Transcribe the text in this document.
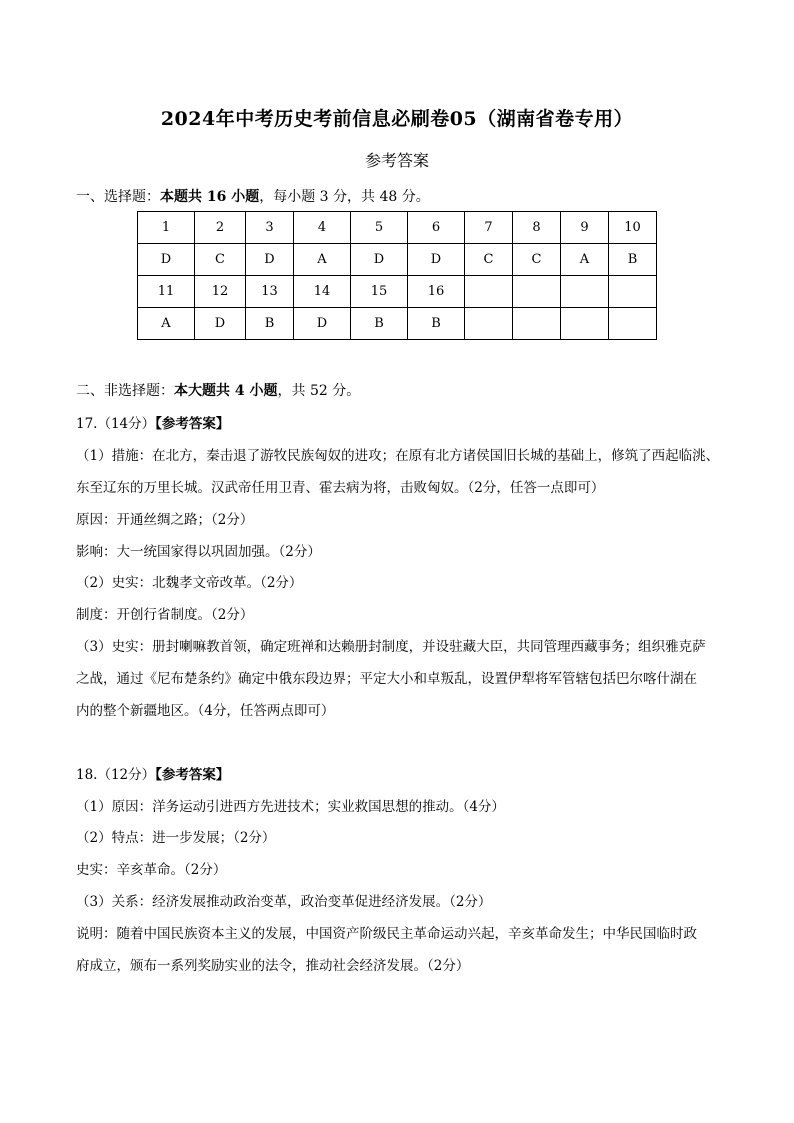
2024年中考历史考前信息必刷卷05（湖南省卷专用）
参考答案
一、选择题：本题共 16 小题，每小题 3 分，共 48 分。
1	2	3	4	5	6	7	8	9	10
D	C	D	A	D	D	C	C	A	B
11	12	13	14	15	16				
A	D	B	D	B	B				
二、非选择题：本大题共 4 小题，共 52 分。
17.（14分）【参考答案】
（1）措施：在北方，秦击退了游牧民族匈奴的进攻；在原有北方诸侯国旧长城的基础上，修筑了西起临洮、
东至辽东的万里长城。汉武帝任用卫青、霍去病为将，击败匈奴。（2分，任答一点即可）
原因：开通丝绸之路；（2分）
影响：大一统国家得以巩固加强。（2分）
（2）史实：北魏孝文帝改革。（2分）
制度：开创行省制度。（2分）
（3）史实：册封喇嘛教首领，确定班禅和达赖册封制度，并设驻藏大臣，共同管理西藏事务；组织雅克萨
之战，通过《尼布楚条约》确定中俄东段边界；平定大小和卓叛乱，设置伊犁将军管辖包括巴尔喀什湖在
内的整个新疆地区。（4分，任答两点即可）
18.（12分）【参考答案】
（1）原因：洋务运动引进西方先进技术；实业救国思想的推动。（4分）
（2）特点：进一步发展；（2分）
史实：辛亥革命。（2分）
（3）关系：经济发展推动政治变革，政治变革促进经济发展。（2分）
说明：随着中国民族资本主义的发展，中国资产阶级民主革命运动兴起，辛亥革命发生；中华民国临时政
府成立，颁布一系列奖励实业的法令，推动社会经济发展。（2分）
